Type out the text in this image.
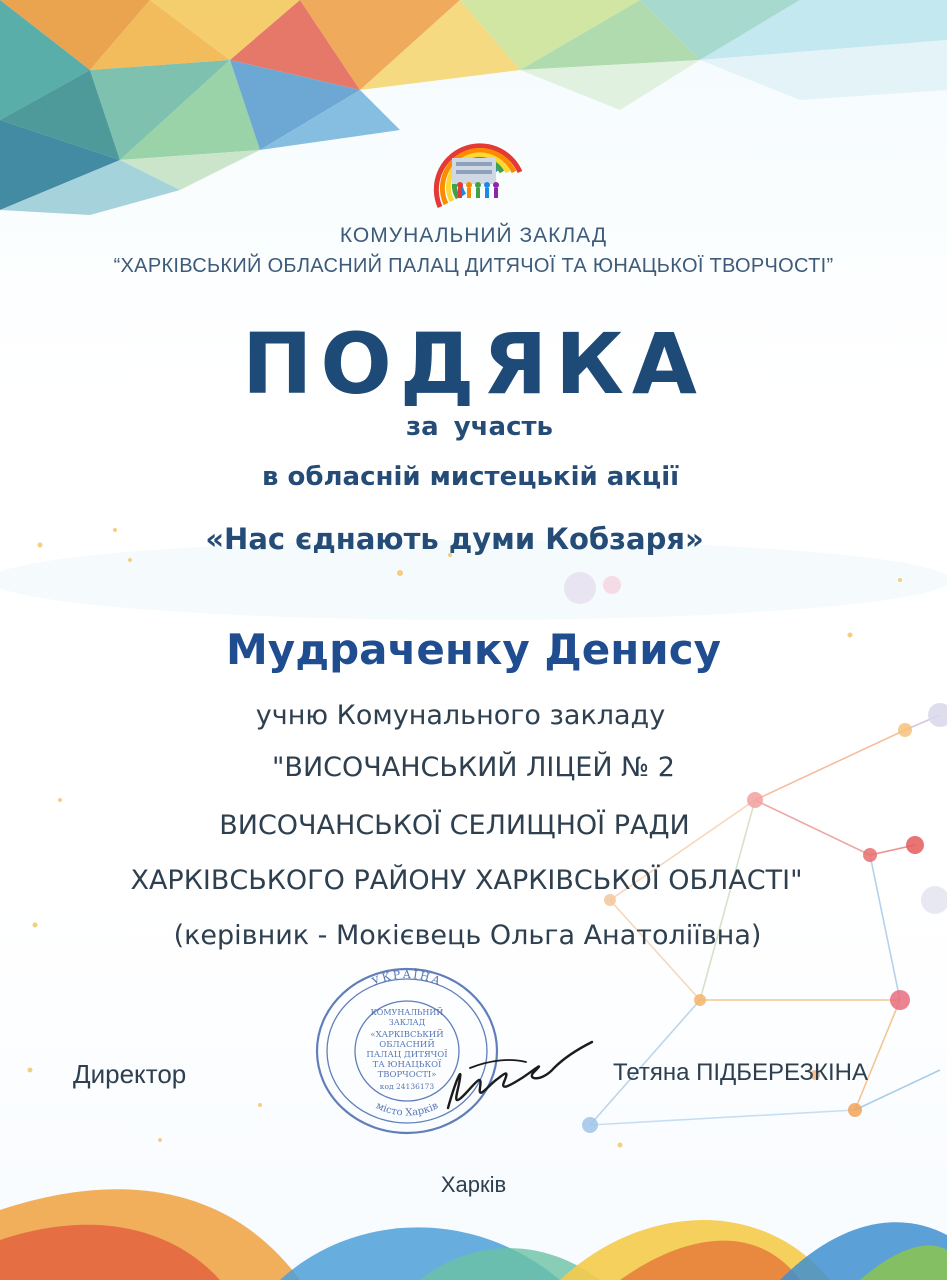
КОМУНАЛЬНИЙ ЗАКЛАД
“ХАРКІВСЬКИЙ ОБЛАСНИЙ ПАЛАЦ ДИТЯЧОЇ ТА ЮНАЦЬКОЇ ТВОРЧОСТІ”
ПОДЯКА
за участь
в обласній мистецькій акції
«Нас єднають думи Кобзаря»
Мудраченку Денису
учню Комунального закладу
"ВИСОЧАНСЬКИЙ ЛІЦЕЙ № 2
ВИСОЧАНСЬКОЇ СЕЛИЩНОЇ РАДИ
ХАРКІВСЬКОГО РАЙОНУ ХАРКІВСЬКОЇ ОБЛАСТІ"
(керівник - Мокієвець Ольга Анатоліївна)
УКРАЇНА
місто Харків
КОМУНАЛЬНИЙ
ЗАКЛАД
«ХАРКІВСЬКИЙ
ОБЛАСНИЙ
ПАЛАЦ ДИТЯЧОЇ
ТА ЮНАЦЬКОЇ
ТВОРЧОСТІ»
код 24136173
Директор	Тетяна ПІДБЕРЕЗКІНА
Харків
